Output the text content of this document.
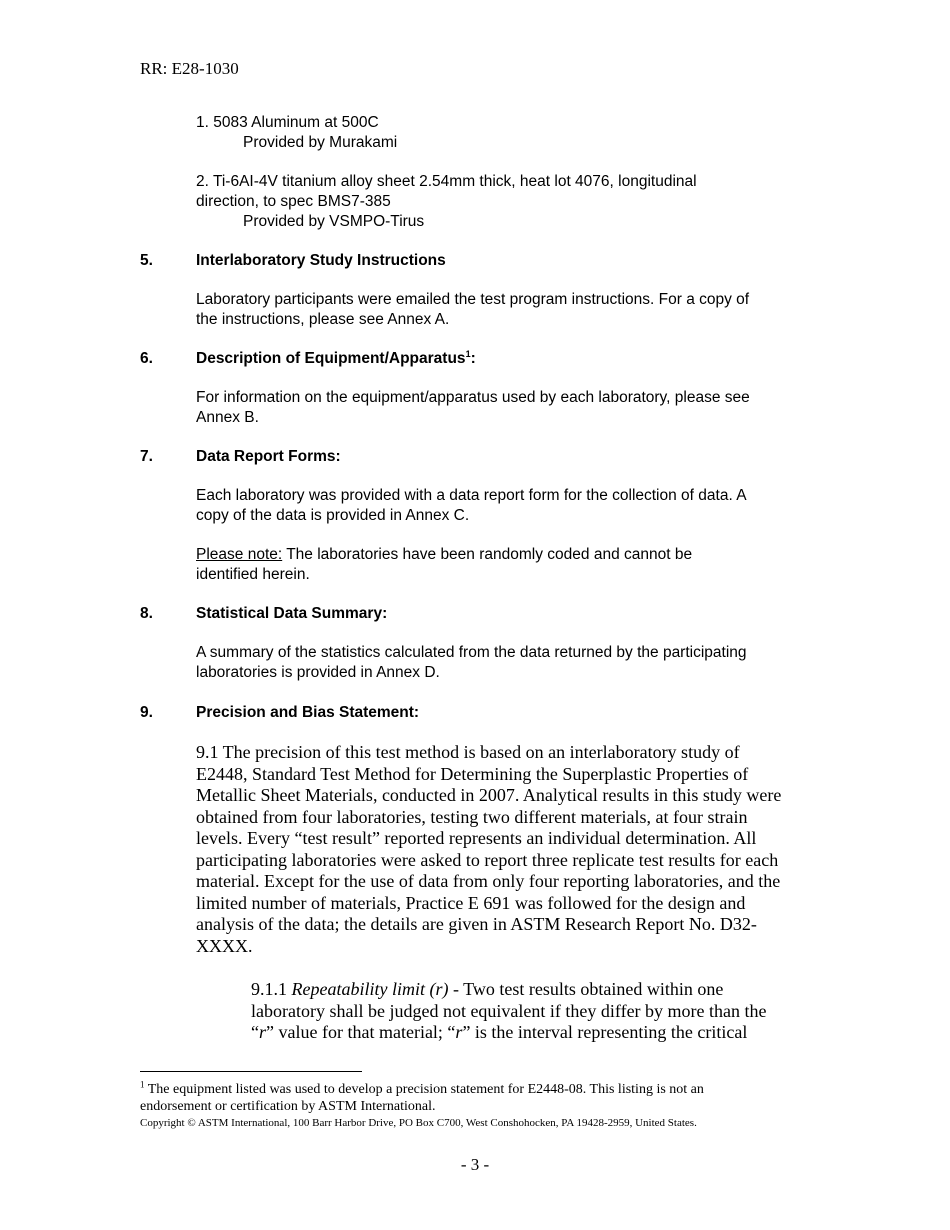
RR: E28-1030
1. 5083 Aluminum at 500C
Provided by Murakami
2. Ti-6AI-4V titanium alloy sheet 2.54mm thick, heat lot 4076, longitudinal
direction, to spec BMS7-385
Provided by VSMPO-Tirus
5.	Interlaboratory Study Instructions
Laboratory participants were emailed the test program instructions. For a copy of
the instructions, please see Annex A.
6.	Description of Equipment/Apparatus$^1$:
For information on the equipment/apparatus used by each laboratory, please see
Annex B.
7.	Data Report Forms:
Each laboratory was provided with a data report form for the collection of data. A
copy of the data is provided in Annex C.
Please note: The laboratories have been randomly coded and cannot be
identified herein.
8.	Statistical Data Summary:
A summary of the statistics calculated from the data returned by the participating
laboratories is provided in Annex D.
9.	Precision and Bias Statement:
9.1 The precision of this test method is based on an interlaboratory study of
E2448, Standard Test Method for Determining the Superplastic Properties of
Metallic Sheet Materials, conducted in 2007. Analytical results in this study were
obtained from four laboratories, testing two different materials, at four strain
levels. Every “test result” reported represents an individual determination. All
participating laboratories were asked to report three replicate test results for each
material. Except for the use of data from only four reporting laboratories, and the
limited number of materials, Practice E 691 was followed for the design and
analysis of the data; the details are given in ASTM Research Report No. D32-
XXXX.
9.1.1 Repeatability limit (r) - Two test results obtained within one
laboratory shall be judged not equivalent if they differ by more than the
“r” value for that material; “r” is the interval representing the critical
$^1$ The equipment listed was used to develop a precision statement for E2448-08. This listing is not an
endorsement or certification by ASTM International.
Copyright © ASTM International, 100 Barr Harbor Drive, PO Box C700, West Conshohocken, PA 19428-2959, United States.
- 3 -
